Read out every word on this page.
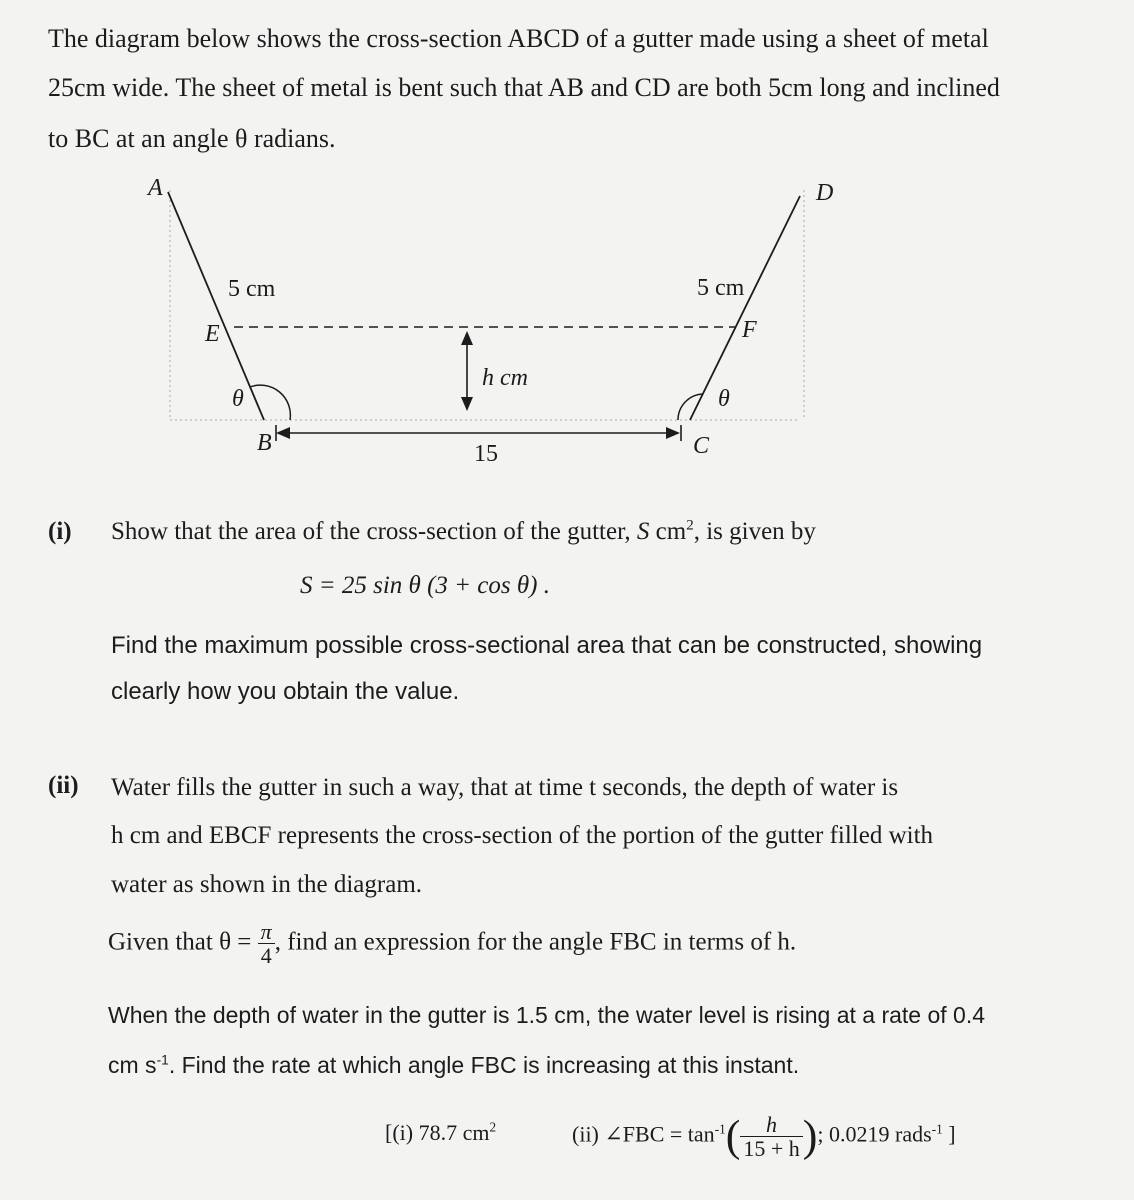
The diagram below shows the cross-section ABCD of a gutter made using a sheet of metal
25cm wide. The sheet of metal is bent such that AB and CD are both 5cm long and inclined
to BC at an angle θ radians.
A	D
E	F
B	C
5 cm	5 cm
θ	θ
h cm
15
(i) Show that the area of the cross-section of the gutter, S $cm^2$, is given by
S = 25 sin θ (3 + cos θ) .
Find the maximum possible cross-sectional area that can be constructed, showing
clearly how you obtain the value.
(ii) Water fills the gutter in such a way, that at time t seconds, the depth of water is
h cm and EBCF represents the cross-section of the portion of the gutter filled with
water as shown in the diagram.
Given that $\theta = \frac{\pi}{4}$ , find an expression for the angle FBC in terms of h.
When the depth of water in the gutter is 1.5 cm, the water level is rising at a rate of 0.4
cm $s^{-1}$. Find the rate at which angle FBC is increasing at this instant.
[(i) 78.7 $cm^2$	(ii) ∠FBC = $\tan^{-1}( \frac{h}{15 + h}$ ); 0.0219 rads$^{-1}$ ]
